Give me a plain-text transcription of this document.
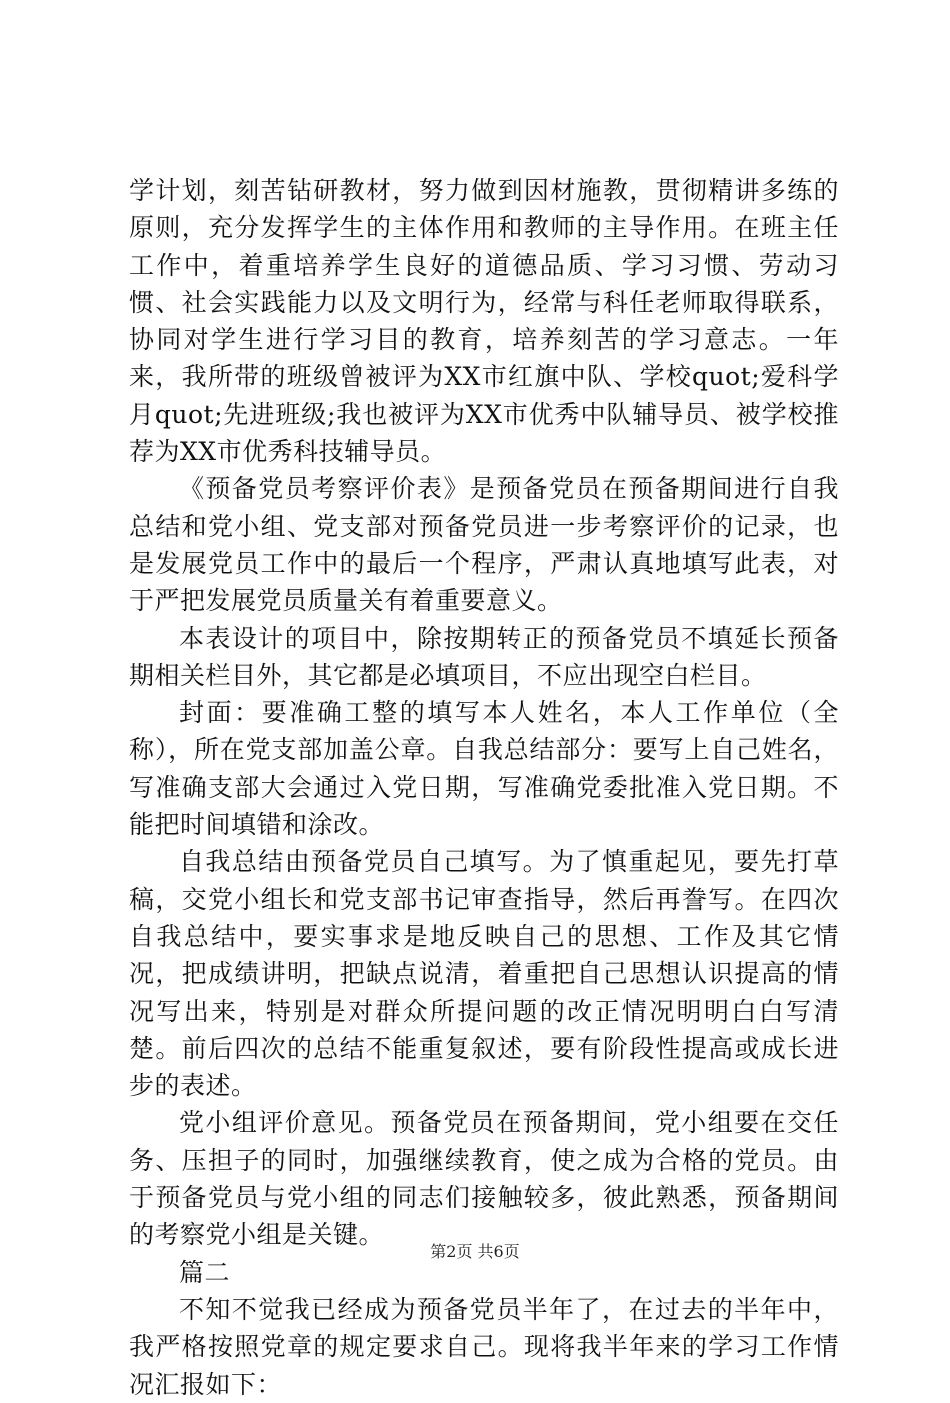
学计划，刻苦钻研教材，努力做到因材施教，贯彻精讲多练的原则，充分发挥学生的主体作用和教师的主导作用。在班主任工作中，着重培养学生良好的道德品质、学习习惯、劳动习惯、社会实践能力以及文明行为，经常与科任老师取得联系，协同对学生进行学习目的教育，培养刻苦的学习意志。一年来，我所带的班级曾被评为XX市红旗中队、学校quot;爱科学月quot;先进班级;我也被评为XX市优秀中队辅导员、被学校推荐为XX市优秀科技辅导员。

《预备党员考察评价表》是预备党员在预备期间进行自我总结和党小组、党支部对预备党员进一步考察评价的记录，也是发展党员工作中的最后一个程序，严肃认真地填写此表，对于严把发展党员质量关有着重要意义。

本表设计的项目中，除按期转正的预备党员不填延长预备期相关栏目外，其它都是必填项目，不应出现空白栏目。

封面：要准确工整的填写本人姓名，本人工作单位（全称），所在党支部加盖公章。自我总结部分：要写上自己姓名，写准确支部大会通过入党日期，写准确党委批准入党日期。不能把时间填错和涂改。

自我总结由预备党员自己填写。为了慎重起见，要先打草稿，交党小组长和党支部书记审查指导，然后再誊写。在四次自我总结中，要实事求是地反映自己的思想、工作及其它情况，把成绩讲明，把缺点说清，着重把自己思想认识提高的情况写出来，特别是对群众所提问题的改正情况明明白白写清楚。前后四次的总结不能重复叙述，要有阶段性提高或成长进步的表述。

党小组评价意见。预备党员在预备期间，党小组要在交任务、压担子的同时，加强继续教育，使之成为合格的党员。由于预备党员与党小组的同志们接触较多，彼此熟悉，预备期间的考察党小组是关键。

篇二

不知不觉我已经成为预备党员半年了，在过去的半年中，我严格按照党章的规定要求自己。现将我半年来的学习工作情况汇报如下：

第2页 共6页
